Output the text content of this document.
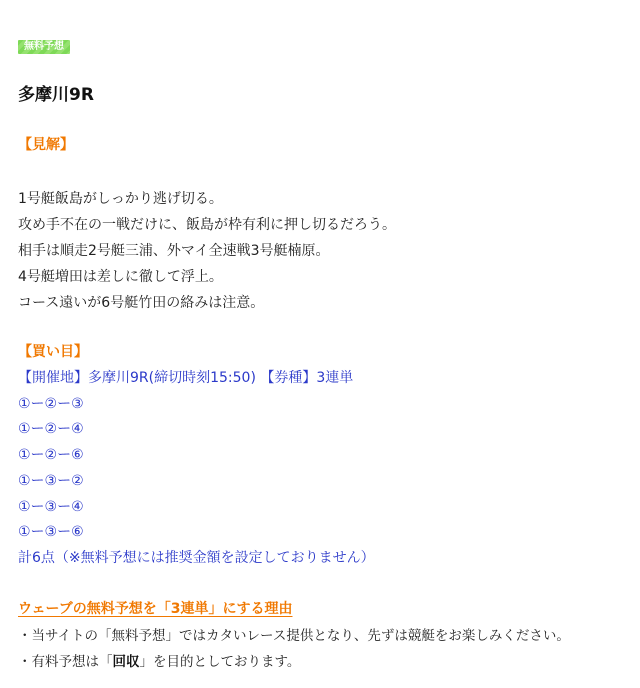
無料予想
多摩川9R
【見解】
1号艇飯島がしっかり逃げ切る。
攻め手不在の一戦だけに、飯島が枠有利に押し切るだろう。
相手は順走2号艇三浦、外マイ全速戦3号艇楠原。
4号艇増田は差しに徹して浮上。
コース遠いが6号艇竹田の絡みは注意。
【買い目】
【開催地】多摩川9R(締切時刻15:50) 【券種】3連単
①ー②ー③
①ー②ー④
①ー②ー⑥
①ー③ー②
①ー③ー④
①ー③ー⑥
計6点（※無料予想には推奨金額を設定しておりません）
ウェーブの無料予想を「3連単」にする理由
・当サイトの「無料予想」ではカタいレース提供となり、先ずは競艇をお楽しみください。
・有料予想は「回収」を目的としております。
